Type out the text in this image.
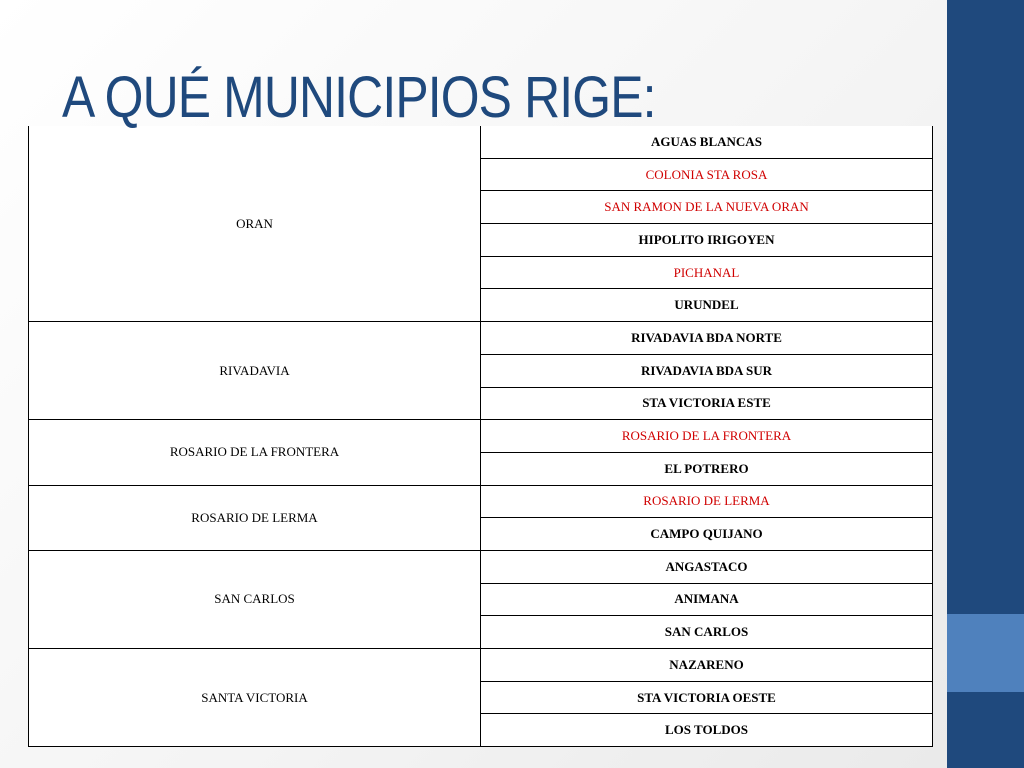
A QUÉ MUNICIPIOS RIGE:
ORAN	AGUAS BLANCAS
	COLONIA STA ROSA
	SAN RAMON DE LA NUEVA ORAN
	HIPOLITO IRIGOYEN
	PICHANAL
	URUNDEL
RIVADAVIA	RIVADAVIA BDA NORTE
	RIVADAVIA BDA SUR
	STA VICTORIA ESTE
ROSARIO DE LA FRONTERA	ROSARIO DE LA FRONTERA
	EL POTRERO
ROSARIO DE LERMA	ROSARIO DE LERMA
	CAMPO QUIJANO
SAN CARLOS	ANGASTACO
	ANIMANA
	SAN CARLOS
SANTA VICTORIA	NAZARENO
	STA VICTORIA OESTE
	LOS TOLDOS
